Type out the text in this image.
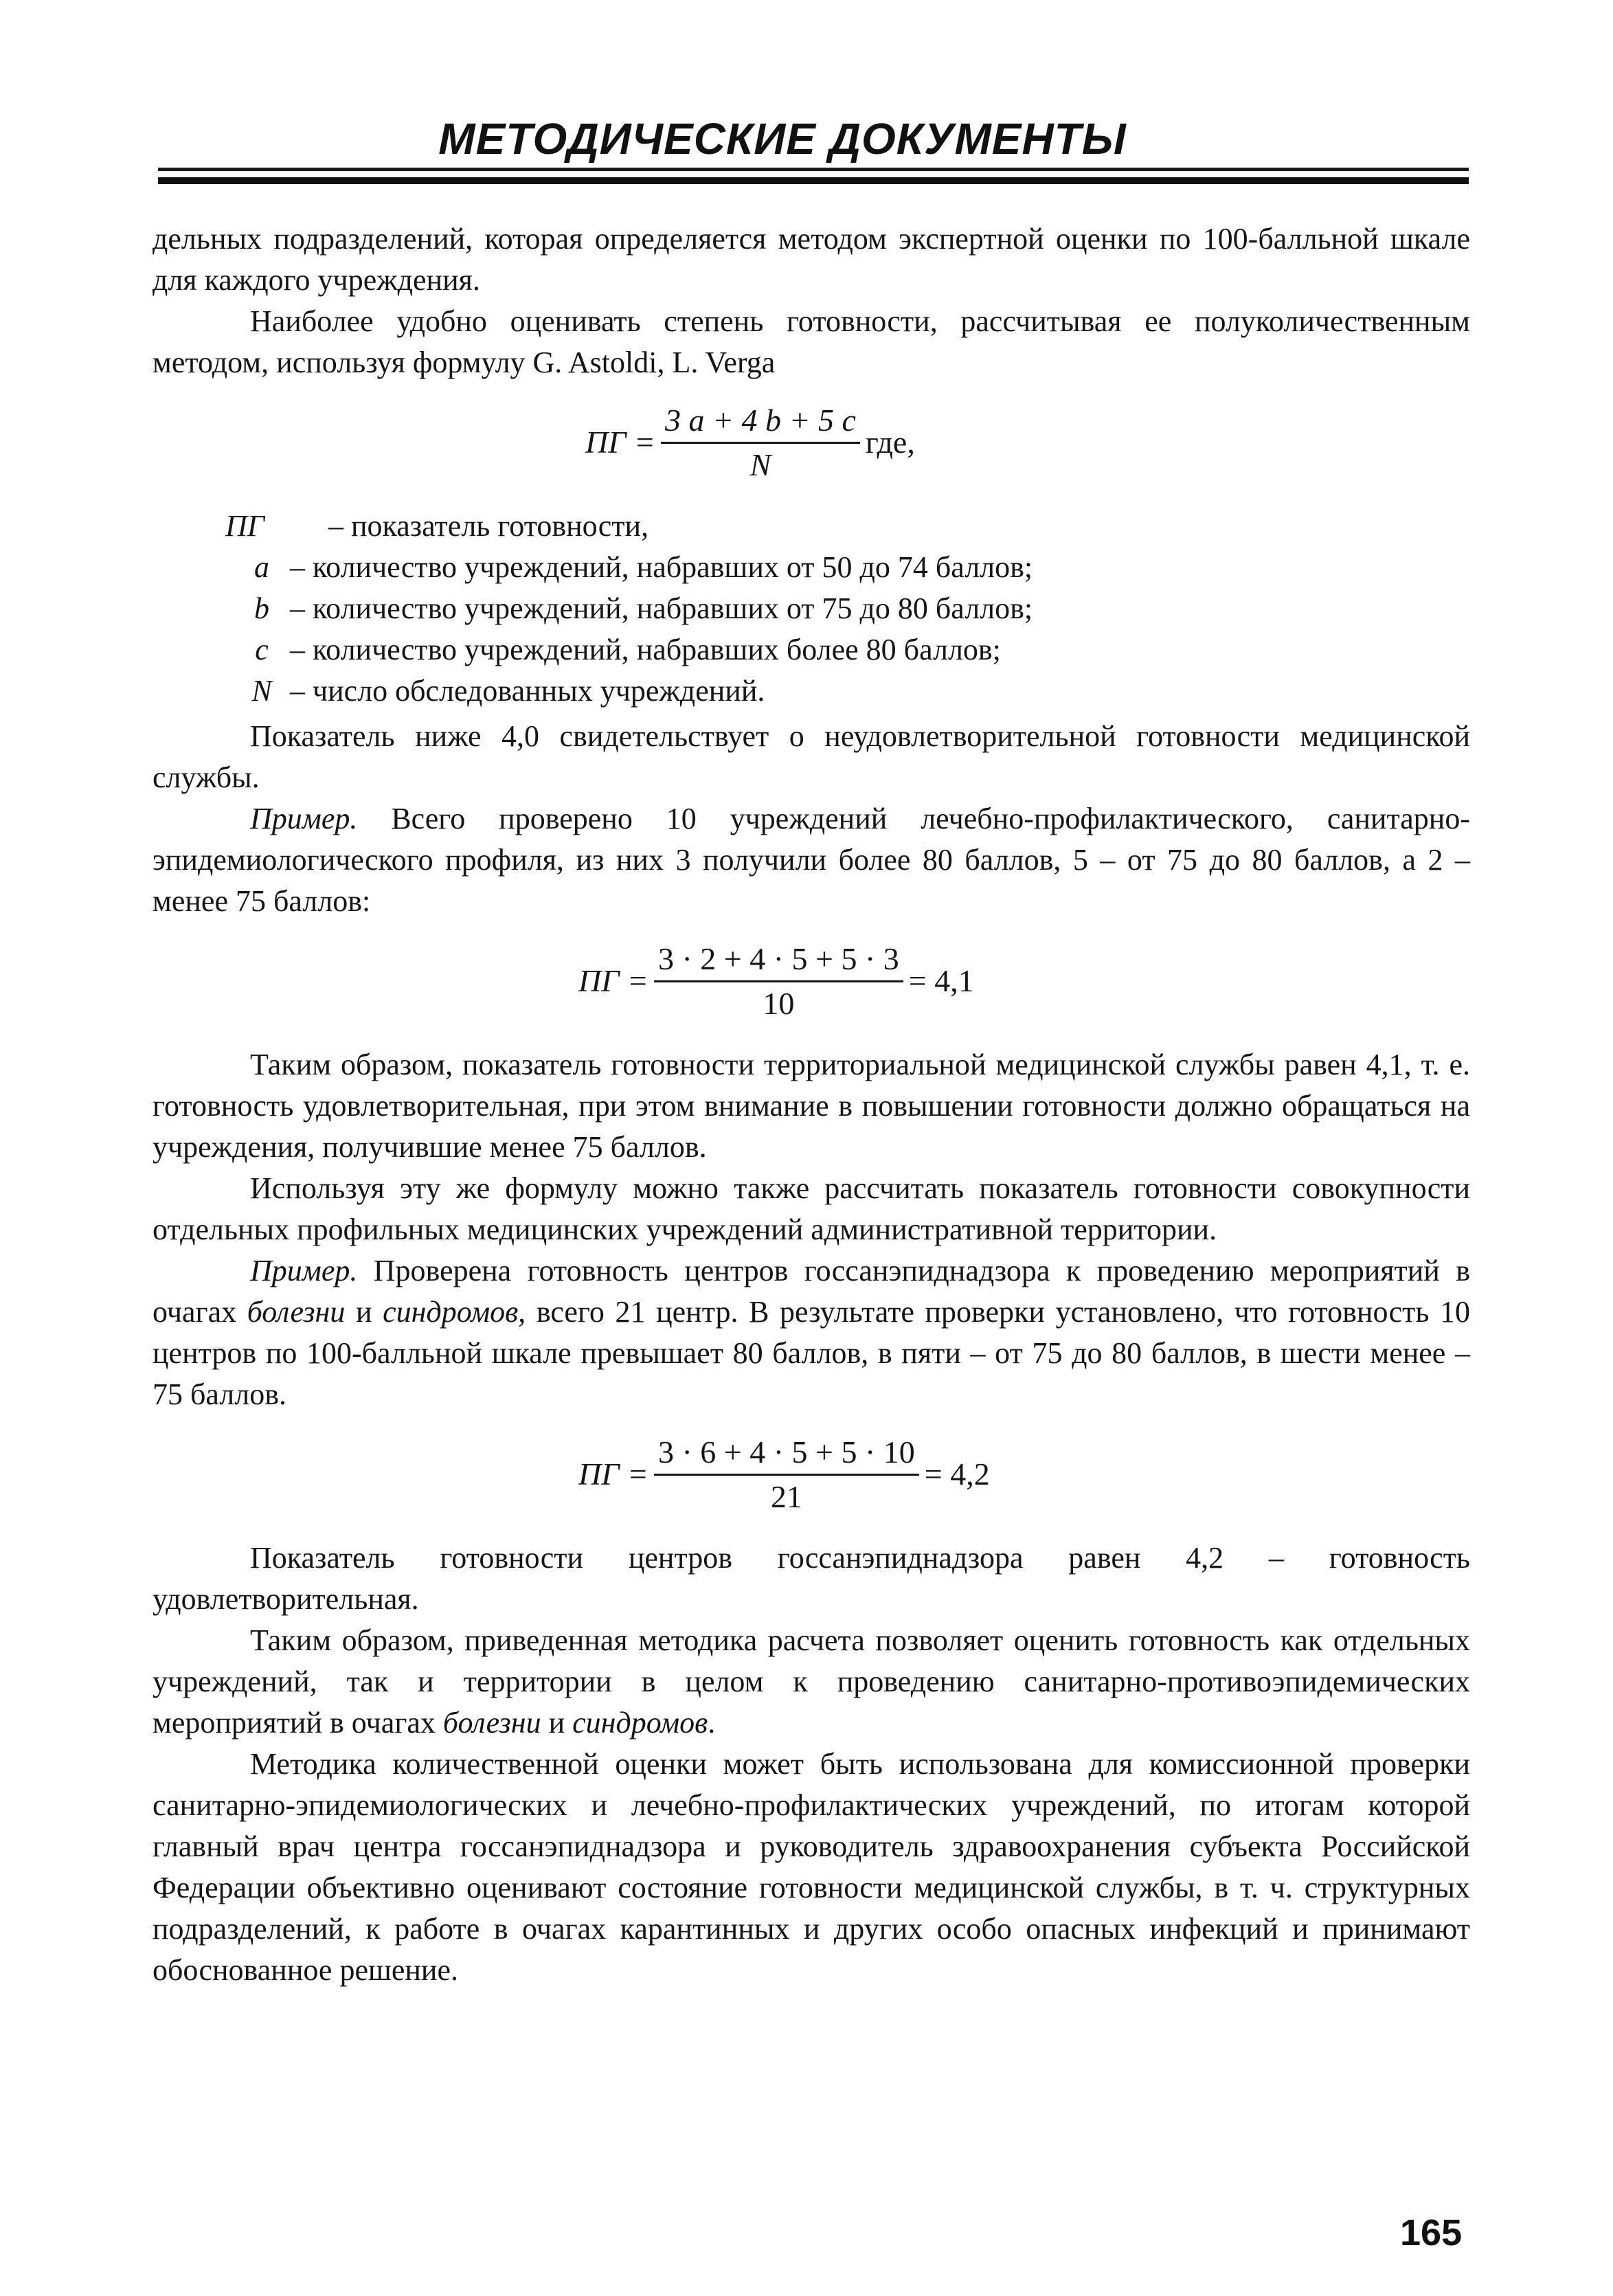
МЕТОДИЧЕСКИЕ ДОКУМЕНТЫ

дельных подразделений, которая определяется методом экспертной оценки по 100-балльной шкале для каждого учреждения.

Наиболее удобно оценивать степень готовности, рассчитывая ее полуколичественным методом, используя формулу G. Astoldi, L. Verga

ПГ = $\frac{3 a + 4 b + 5 c}{N}$ где,
ПГ	– показатель готовности,
a – количество учреждений, набравших от 50 до 74 баллов;
b – количество учреждений, набравших от 75 до 80 баллов;
c – количество учреждений, набравших более 80 баллов;
N – число обследованных учреждений.

Показатель ниже 4,0 свидетельствует о неудовлетворительной готовности медицинской службы.

Пример. Всего проверено 10 учреждений лечебно-профилактического, санитарно-эпидемиологического профиля, из них 3 получили более 80 баллов, 5 – от 75 до 80 баллов, а 2 – менее 75 баллов:

ПГ = $\frac{3 \cdot 2 + 4 \cdot 5 + 5 \cdot 3}{10} = 4,1$

Таким образом, показатель готовности территориальной медицинской службы равен 4,1, т. е. готовность удовлетворительная, при этом внимание в повышении готовности должно обращаться на учреждения, получившие менее 75 баллов.

Используя эту же формулу можно также рассчитать показатель готовности совокупности отдельных профильных медицинских учреждений административной территории.

Пример. Проверена готовность центров госсанэпиднадзора к проведению мероприятий в очагах болезни и синдромов, всего 21 центр. В результате проверки установлено, что готовность 10 центров по 100-балльной шкале превышает 80 баллов, в пяти – от 75 до 80 баллов, в шести менее – 75 баллов.

ПГ = $\frac{3 \cdot 6 + 4 \cdot 5 + 5 \cdot 10}{21} = 4,2$

Показатель готовности центров госсанэпиднадзора равен 4,2 – готовность удовлетворительная.

Таким образом, приведенная методика расчета позволяет оценить готовность как отдельных учреждений, так и территории в целом к проведению санитарно-противоэпидемических мероприятий в очагах болезни и синдромов.

Методика количественной оценки может быть использована для комиссионной проверки санитарно-эпидемиологических и лечебно-профилактических учреждений, по итогам которой главный врач центра госсанэпиднадзора и руководитель здравоохранения субъекта Российской Федерации объективно оценивают состояние готовности медицинской службы, в т. ч. структурных подразделений, к работе в очагах карантинных и других особо опасных инфекций и принимают обоснованное решение.

165
